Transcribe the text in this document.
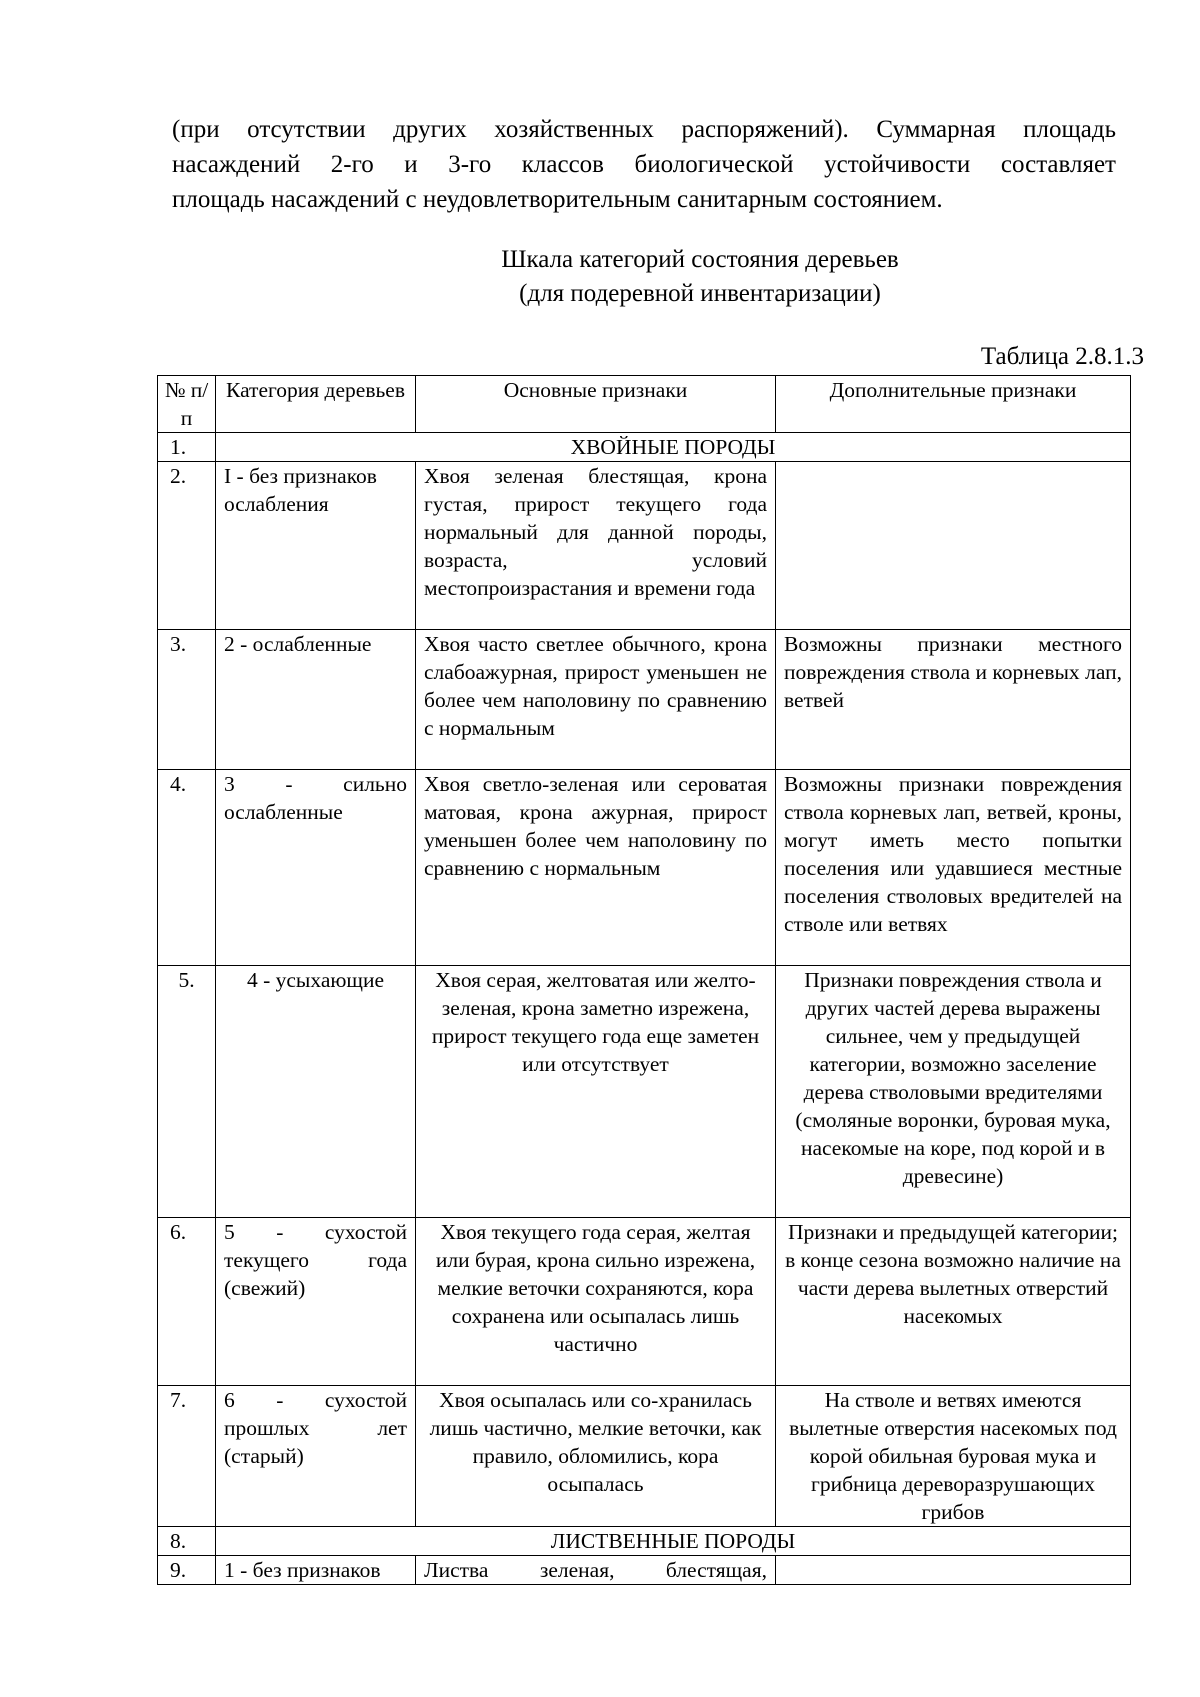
(при отсутствии других хозяйственных распоряжений). Суммарная площадь
насаждений 2-го и 3-го классов биологической устойчивости составляет
площадь насаждений с неудовлетворительным санитарным состоянием.
Шкала категорий состояния деревьев
(для подеревной инвентаризации)
Таблица 2.8.1.3
№ п/п	Категория деревьев	Основные признаки	Дополнительные признаки
1.	ХВОЙНЫЕ ПОРОДЫ		
2.	I - без признаков ослабления	Хвоя зеленая блестящая, крона густая, прирост текущего года нормальный для данной породы, возраста, условий местопроизрастания и времени года	
3.	2 - ослабленные	Хвоя часто светлее обычного, крона слабоажурная, прирост уменьшен не более чем наполовину по сравнению с нормальным	Возможны признаки местного повреждения ствола и корневых лап, ветвей
4.	3 - сильно ослабленные	Хвоя светло-зеленая или сероватая матовая, крона ажурная, прирост уменьшен более чем наполовину по сравнению с нормальным	Возможны признаки повреждения ствола корневых лап, ветвей, кроны, могут иметь место попытки поселения или удавшиеся местные поселения стволовых вредителей на стволе или ветвях
5.	4 - усыхающие	Хвоя серая, желтоватая или желто-зеленая, крона заметно изрежена, прирост текущего года еще заметен или отсутствует	Признаки повреждения ствола и других частей дерева выражены сильнее, чем у предыдущей категории, возможно заселение дерева стволовыми вредителями (смоляные воронки, буровая мука, насекомые на коре, под корой и в древесине)
6.	5 - сухостой текущего года (свежий)	Хвоя текущего года серая, желтая или бурая, крона сильно изрежена, мелкие веточки сохраняются, кора сохранена или осыпалась лишь частично	Признаки и предыдущей категории; в конце сезона возможно наличие на части дерева вылетных отверстий насекомых
7.	6 - сухостой прошлых лет (старый)	Хвоя осыпалась или со-хранилась лишь частично, мелкие веточки, как правило, обломились, кора осыпалась	На стволе и ветвях имеются вылетные отверстия насекомых под корой обильная буровая мука и грибница дереворазрушающих грибов
8.	ЛИСТВЕННЫЕ ПОРОДЫ		
9.	1 - без признаков	Листва зеленая, блестящая,	
